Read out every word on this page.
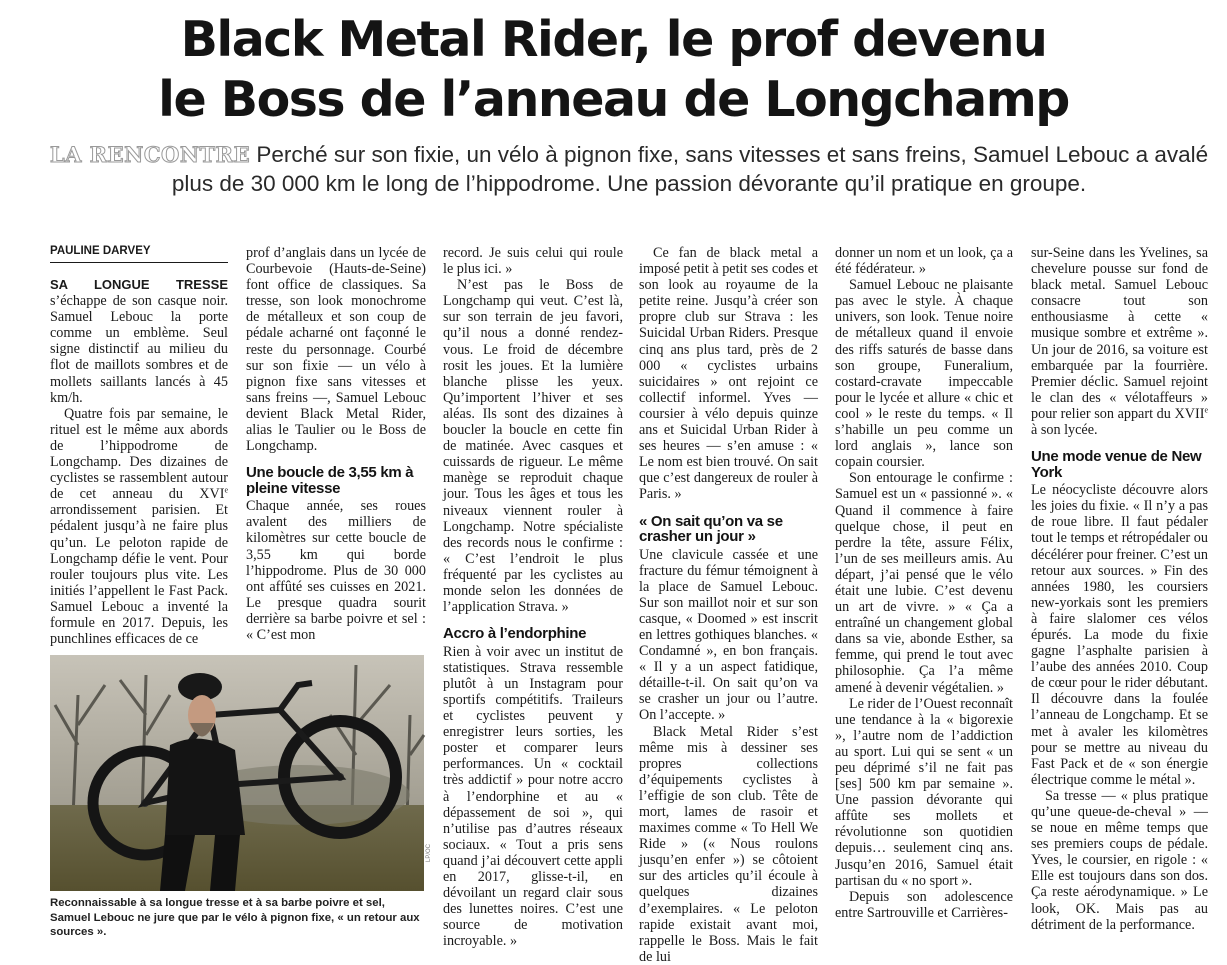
Black Metal Rider, le prof devenu
le Boss de l’anneau de Longchamp
LA RENCONTRE Perché sur son fixie, un vélo à pignon fixe, sans vitesses et sans freins, Samuel Lebouc a avalé plus de 30 000 km le long de l’hippodrome. Une passion dévorante qu’il pratique en groupe.
PAULINE DARVEY

SA LONGUE TRESSE s’échappe de son casque noir. Samuel Lebouc la porte comme un emblème. Seul signe distinctif au milieu du flot de maillots sombres et de mollets saillants lancés à 45 km/h.

Quatre fois par semaine, le rituel est le même aux abords de l’hippodrome de Longchamp. Des dizaines de cyclistes se rassemblent autour de cet anneau du XVIe arrondissement parisien. Et pédalent jusqu’à ne faire plus qu’un. Le peloton rapide de Longchamp défie le vent. Pour rouler toujours plus vite. Les initiés l’appellent le Fast Pack. Samuel Lebouc a inventé la formule en 2017. Depuis, les punchlines efficaces de ce

LP/OC
Reconnaissable à sa longue tresse et à sa barbe poivre et sel, Samuel Lebouc ne jure que par le vélo à pignon fixe, « un retour aux sources ».

prof d’anglais dans un lycée de Courbevoie (Hauts-de-Seine) font office de classiques. Sa tresse, son look monochrome de métalleux et son coup de pédale acharné ont façonné le reste du personnage. Courbé sur son fixie — un vélo à pignon fixe sans vitesses et sans freins —, Samuel Lebouc devient Black Metal Rider, alias le Taulier ou le Boss de Longchamp.

Une boucle de 3,55 km à pleine vitesse

Chaque année, ses roues avalent des milliers de kilomètres sur cette boucle de 3,55 km qui borde l’hippodrome. Plus de 30 000 ont affûté ses cuisses en 2021. Le presque quadra sourit derrière sa barbe poivre et sel : « C’est mon

record. Je suis celui qui roule le plus ici. »

N’est pas le Boss de Longchamp qui veut. C’est là, sur son terrain de jeu favori, qu’il nous a donné rendez-vous. Le froid de décembre rosit les joues. Et la lumière blanche plisse les yeux. Qu’importent l’hiver et ses aléas. Ils sont des dizaines à boucler la boucle en cette fin de matinée. Avec casques et cuissards de rigueur. Le même manège se reproduit chaque jour. Tous les âges et tous les niveaux viennent rouler à Longchamp. Notre spécialiste des records nous le confirme : « C’est l’endroit le plus fréquenté par les cyclistes au monde selon les données de l’application Strava. »

Accro à l’endorphine

Rien à voir avec un institut de statistiques. Strava ressemble plutôt à un Instagram pour sportifs compétitifs. Traileurs et cyclistes peuvent y enregistrer leurs sorties, les poster et comparer leurs performances. Un « cocktail très addictif » pour notre accro à l’endorphine et au « dépassement de soi », qui n’utilise pas d’autres réseaux sociaux. « Tout a pris sens quand j’ai découvert cette appli en 2017, glisse-t-il, en dévoilant un regard clair sous des lunettes noires. C’est une source de motivation incroyable. »

Ce fan de black metal a imposé petit à petit ses codes et son look au royaume de la petite reine. Jusqu’à créer son propre club sur Strava : les Suicidal Urban Riders. Presque cinq ans plus tard, près de 2 000 « cyclistes urbains suicidaires » ont rejoint ce collectif informel. Yves — coursier à vélo depuis quinze ans et Suicidal Urban Rider à ses heures — s’en amuse : « Le nom est bien trouvé. On sait que c’est dangereux de rouler à Paris. »

« On sait qu’on va se crasher un jour »

Une clavicule cassée et une fracture du fémur témoignent à la place de Samuel Lebouc. Sur son maillot noir et sur son casque, « Doomed » est inscrit en lettres gothiques blanches. « Condamné », en bon français. « Il y a un aspect fatidique, détaille-t-il. On sait qu’on va se crasher un jour ou l’autre. On l’accepte. »

Black Metal Rider s’est même mis à dessiner ses propres collections d’équipements cyclistes à l’effigie de son club. Tête de mort, lames de rasoir et maximes comme « To Hell We Ride » (« Nous roulons jusqu’en enfer ») se côtoient sur des articles qu’il écoule à quelques dizaines d’exemplaires. « Le peloton rapide existait avant moi, rappelle le Boss. Mais le fait de lui

donner un nom et un look, ça a été fédérateur. »

Samuel Lebouc ne plaisante pas avec le style. À chaque univers, son look. Tenue noire de métalleux quand il envoie des riffs saturés de basse dans son groupe, Funeralium, costard-cravate impeccable pour le lycée et allure « chic et cool » le reste du temps. « Il s’habille un peu comme un lord anglais », lance son copain coursier.

Son entourage le confirme : Samuel est un « passionné ». « Quand il commence à faire quelque chose, il peut en perdre la tête, assure Félix, l’un de ses meilleurs amis. Au départ, j’ai pensé que le vélo était une lubie. C’est devenu un art de vivre. » « Ça a entraîné un changement global dans sa vie, abonde Esther, sa femme, qui prend le tout avec philosophie. Ça l’a même amené à devenir végétalien. »

Le rider de l’Ouest reconnaît une tendance à la « bigorexie », l’autre nom de l’addiction au sport. Lui qui se sent « un peu déprimé s’il ne fait pas [ses] 500 km par semaine ». Une passion dévorante qui affûte ses mollets et révolutionne son quotidien depuis… seulement cinq ans. Jusqu’en 2016, Samuel était partisan du « no sport ».

Depuis son adolescence entre Sartrouville et Carrières-

sur-Seine dans les Yvelines, sa chevelure pousse sur fond de black metal. Samuel Lebouc consacre tout son enthousiasme à cette « musique sombre et extrême ». Un jour de 2016, sa voiture est embarquée par la fourrière. Premier déclic. Samuel rejoint le clan des « vélotaffeurs » pour relier son appart du XVIIe à son lycée.

Une mode venue de New York

Le néocycliste découvre alors les joies du fixie. « Il n’y a pas de roue libre. Il faut pédaler tout le temps et rétropédaler ou décélérer pour freiner. C’est un retour aux sources. » Fin des années 1980, les coursiers new-yorkais sont les premiers à faire slalomer ces vélos épurés. La mode du fixie gagne l’asphalte parisien à l’aube des années 2010. Coup de cœur pour le rider débutant. Il découvre dans la foulée l’anneau de Longchamp. Et se met à avaler les kilomètres pour se mettre au niveau du Fast Pack et de « son énergie électrique comme le métal ».

Sa tresse — « plus pratique qu’une queue-de-cheval » — se noue en même temps que ses premiers coups de pédale. Yves, le coursier, en rigole : « Elle est toujours dans son dos. Ça reste aérodynamique. » Le look, OK. Mais pas au détriment de la performance.
